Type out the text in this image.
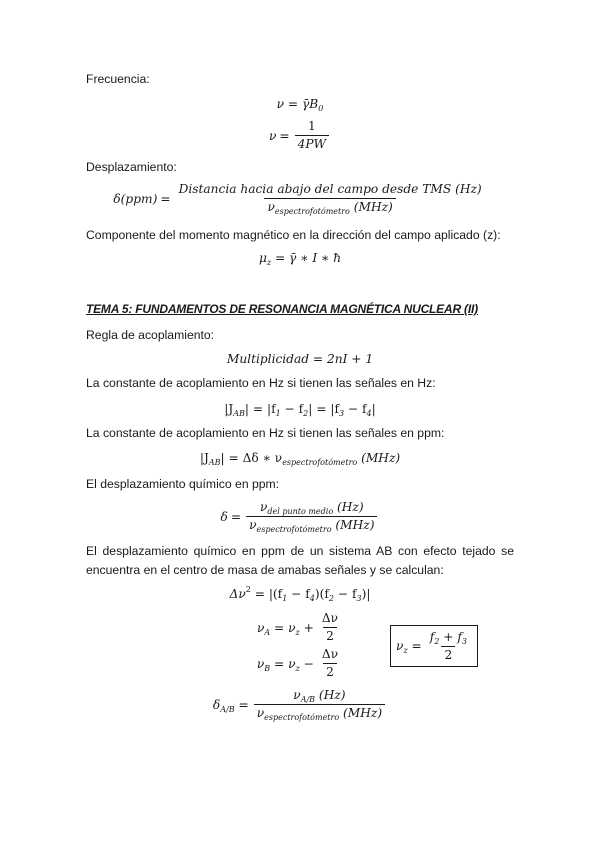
Frecuencia:
$\nu = \gammāB_0$
$\nu = \frac{1}{4PW}$
Desplazamiento:
$\delta(ppm) = \frac{\text{Distancia hacia abajo del campo desde TMS (Hz)}}{\nu_{espectrofotómetro} (MHz)}$
Componente del momento magnético en la dirección del campo aplicado (z):
$\mu_z$ = γ̄ ∗ I ∗ ħ
TEMA 5: FUNDAMENTOS DE RESONANCIA MAGNÉTICA NUCLEAR (II)
Regla de acoplamiento:
Multiplicidad = 2nI + 1
La constante de acoplamiento en Hz si tienen las señales en Hz:
$|J_{AB}| = |f_1 - f_2| = |f_3 - f_4|$
La constante de acoplamiento en Hz si tienen las señales en ppm:
$|J_{AB}| = \Delta\delta$ ∗ $\nu_{espectrofotómetro}$ (MHz)
El desplazamiento químico en ppm:
$\delta = \frac{\nu_{del punto medio} (Hz)}{\nu_{espectrofotómetro} (MHz)}$
El desplazamiento químico en ppm de un sistema AB con efecto tejado se encuentra en el centro de masa de amabas señales y se calculan:
$\Delta\nu^2 = |(f_1 - f_4)(f_2 - f_3)|$
$\nu_A = \nu_z + \frac{\Delta\nu}{2}$
$\nu_B = \nu_z - \frac{\Delta\nu}{2}$
$\nu_z = \frac{f_2 + f_3}{2}$
$\delta_{A/B} = \frac{\nu_{A/B} (Hz)}{\nu_{espectrofotómetro} (MHz)}$
